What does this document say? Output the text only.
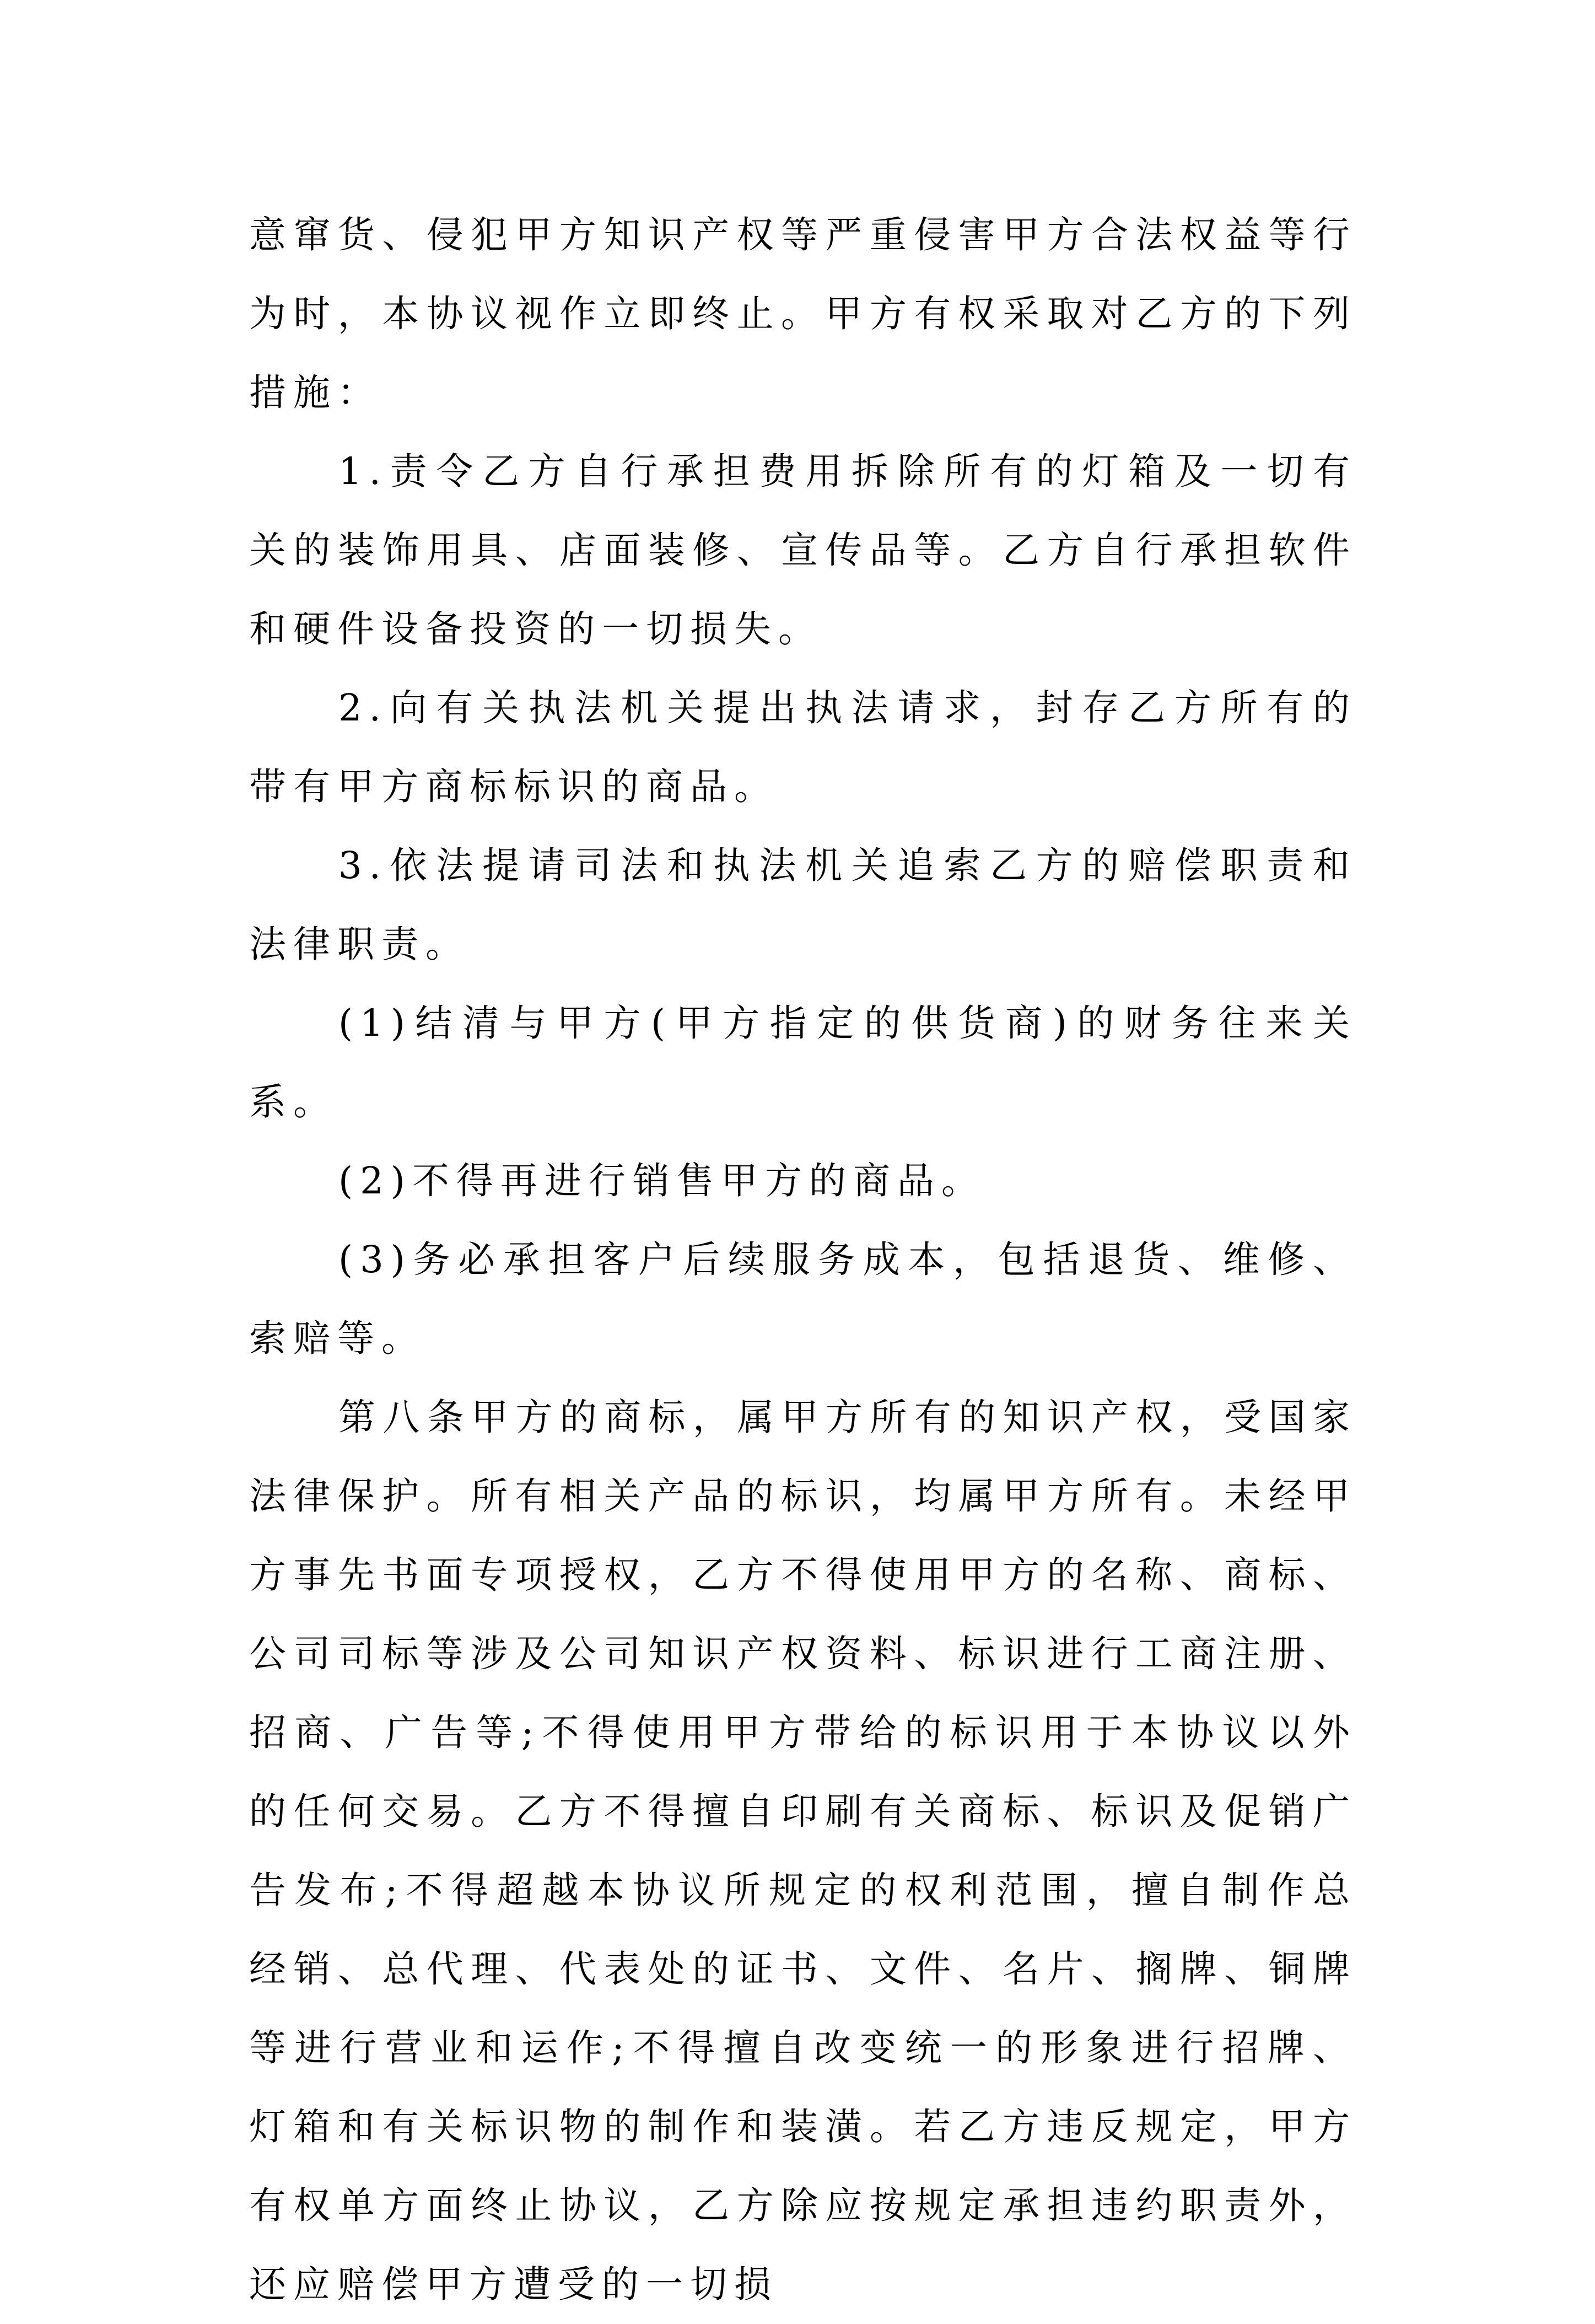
意窜货、侵犯甲方知识产权等严重侵害甲方合法权益等行为时，本协议视作立即终止。甲方有权采取对乙方的下列措施：

1.责令乙方自行承担费用拆除所有的灯箱及一切有关的装饰用具、店面装修、宣传品等。乙方自行承担软件和硬件设备投资的一切损失。

2.向有关执法机关提出执法请求，封存乙方所有的带有甲方商标标识的商品。

3.依法提请司法和执法机关追索乙方的赔偿职责和法律职责。

(1)结清与甲方(甲方指定的供货商)的财务往来关系。

(2)不得再进行销售甲方的商品。

(3)务必承担客户后续服务成本，包括退货、维修、索赔等。

第八条甲方的商标，属甲方所有的知识产权，受国家法律保护。所有相关产品的标识，均属甲方所有。未经甲方事先书面专项授权，乙方不得使用甲方的名称、商标、公司司标等涉及公司知识产权资料、标识进行工商注册、招商、广告等;不得使用甲方带给的标识用于本协议以外的任何交易。乙方不得擅自印刷有关商标、标识及促销广告发布;不得超越本协议所规定的权利范围，擅自制作总经销、总代理、代表处的证书、文件、名片、搁牌、铜牌等进行营业和运作;不得擅自改变统一的形象进行招牌、灯箱和有关标识物的制作和装潢。若乙方违反规定，甲方有权单方面终止协议，乙方除应按规定承担违约职责外，还应赔偿甲方遭受的一切损
